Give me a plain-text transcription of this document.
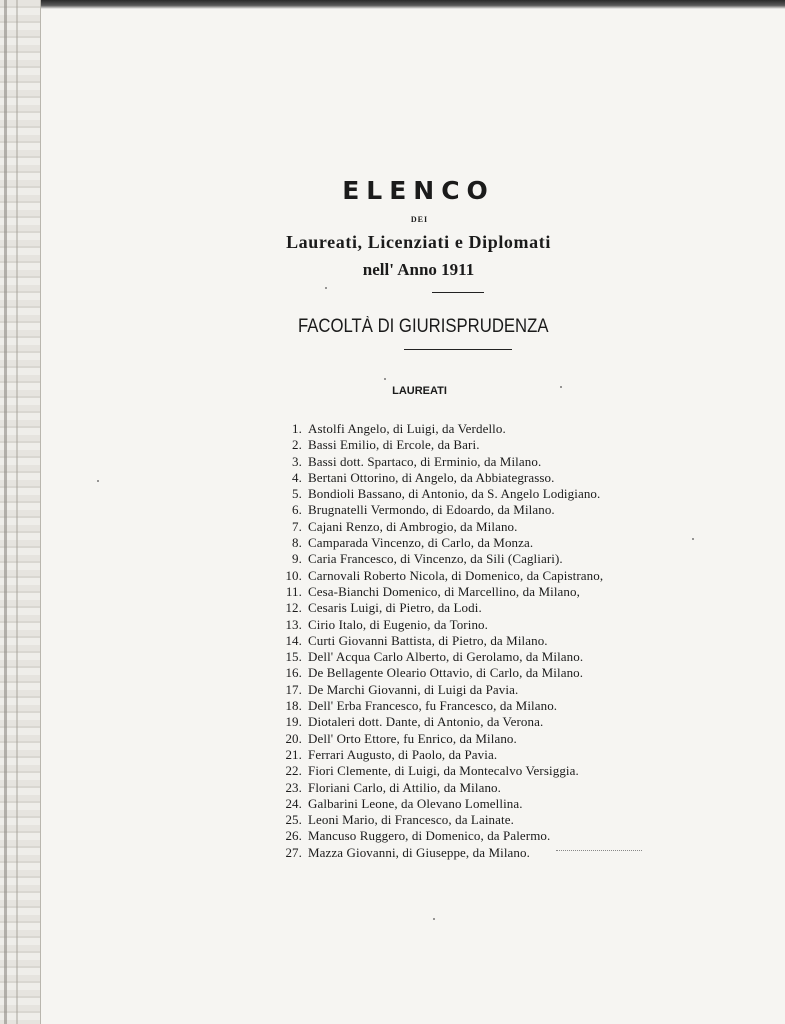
ELENCO
DEI
Laureati, Licenziati e Diplomati
nell' Anno 1911
FACOLTÀ DI GIURISPRUDENZA
LAUREATI
1. Astolfi Angelo, di Luigi, da Verdello.
2. Bassi Emilio, di Ercole, da Bari.
3. Bassi dott. Spartaco, di Erminio, da Milano.
4. Bertani Ottorino, di Angelo, da Abbiategrasso.
5. Bondioli Bassano, di Antonio, da S. Angelo Lodigiano.
6. Brugnatelli Vermondo, di Edoardo, da Milano.
7. Cajani Renzo, di Ambrogio, da Milano.
8. Camparada Vincenzo, di Carlo, da Monza.
9. Caria Francesco, di Vincenzo, da Sili (Cagliari).
10. Carnovali Roberto Nicola, di Domenico, da Capistrano,
11. Cesa-Bianchi Domenico, di Marcellino, da Milano,
12. Cesaris Luigi, di Pietro, da Lodi.
13. Cirio Italo, di Eugenio, da Torino.
14. Curti Giovanni Battista, di Pietro, da Milano.
15. Dell' Acqua Carlo Alberto, di Gerolamo, da Milano.
16. De Bellagente Oleario Ottavio, di Carlo, da Milano.
17. De Marchi Giovanni, di Luigi da Pavia.
18. Dell' Erba Francesco, fu Francesco, da Milano.
19. Diotaleri dott. Dante, di Antonio, da Verona.
20. Dell' Orto Ettore, fu Enrico, da Milano.
21. Ferrari Augusto, di Paolo, da Pavia.
22. Fiori Clemente, di Luigi, da Montecalvo Versiggia.
23. Floriani Carlo, di Attilio, da Milano.
24. Galbarini Leone, da Olevano Lomellina.
25. Leoni Mario, di Francesco, da Lainate.
26. Mancuso Ruggero, di Domenico, da Palermo.
27. Mazza Giovanni, di Giuseppe, da Milano.
